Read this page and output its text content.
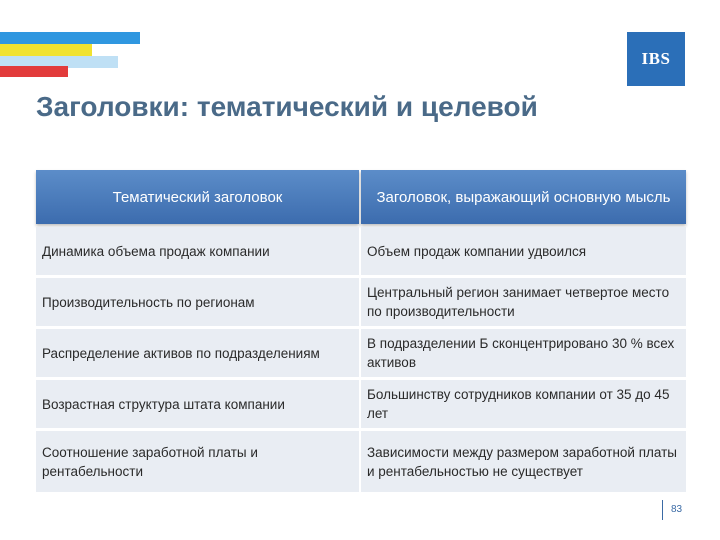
IBS
Заголовки: тематический и целевой
Тематический заголовок	Заголовок, выражающий основную мысль
Динамика объема продаж компании	Объем продаж компании удвоился
Производительность по регионам
Центральный регион занимает четвертое место по производительности
Распределение активов по подразделениям
В подразделении Б сконцентрировано 30 % всех активов
Возрастная структура штата компании
Большинству сотрудников компании от 35 до 45 лет
Соотношение заработной платы и рентабельности
Зависимости между размером заработной платы и рентабельностью не существует
83
